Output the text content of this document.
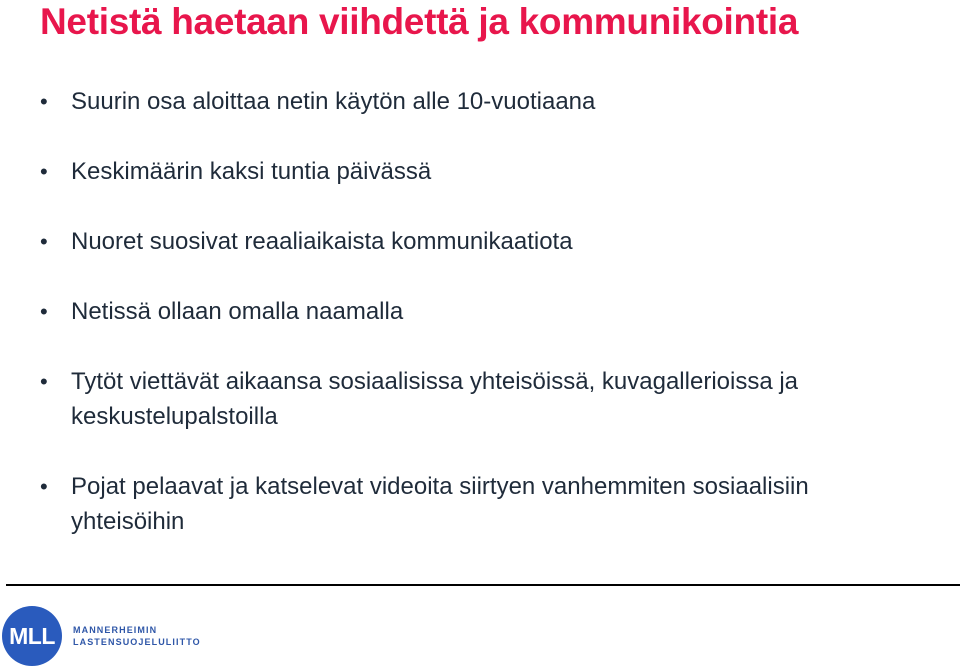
Netistä haetaan viihdettä ja kommunikointia
• Suurin osa aloittaa netin käytön alle 10-vuotiaana
• Keskimäärin kaksi tuntia päivässä
• Nuoret suosivat reaaliaikaista kommunikaatiota
• Netissä ollaan omalla naamalla
• Tytöt viettävät aikaansa sosiaalisissa yhteisöissä, kuvagallerioissa ja keskustelupalstoilla
• Pojat pelaavat ja katselevat videoita siirtyen vanhemmiten sosiaalisiin yhteisöihin
MLL MANNERHEIMIN
LASTENSUOJELULIITTO
